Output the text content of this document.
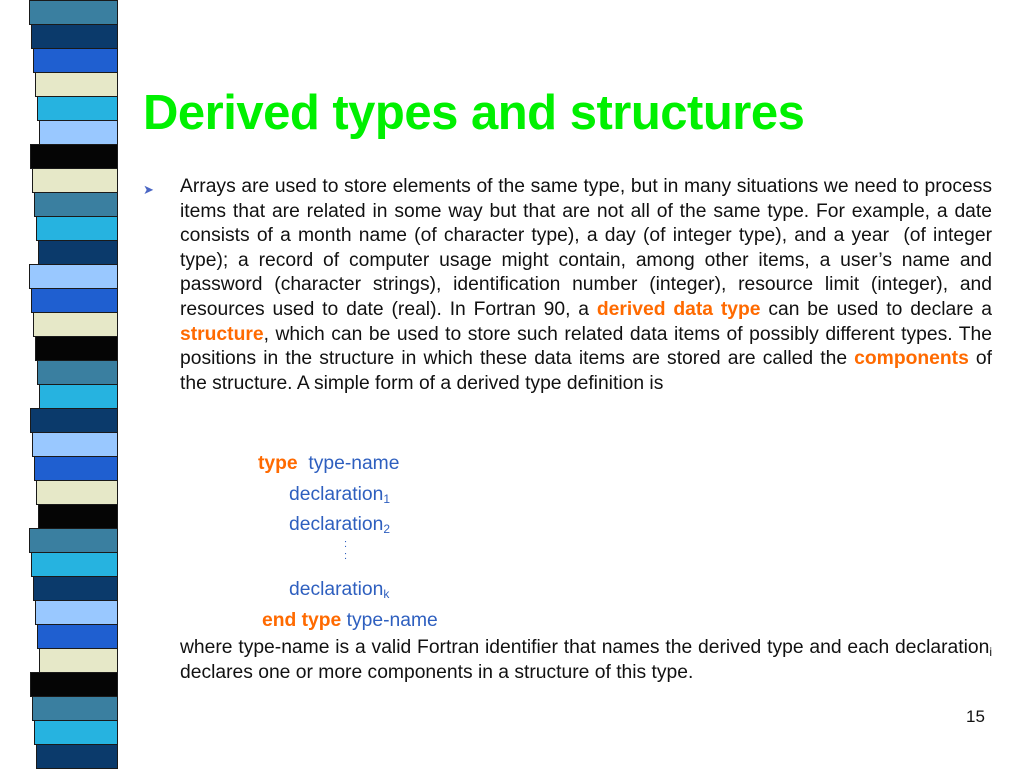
Derived types and structures
➤ Arrays are used to store elements of the same type, but in many situations we need to process items that are related in some way but that are not all of the same type. For example, a date consists of a month name (of character type), a day (of integer type), and a year  (of integer type); a record of computer usage might contain, among other items, a user’s name and password (character strings), identification number (integer), resource limit (integer), and resources used to date (real). In Fortran 90, a derived data type can be used to declare a structure, which can be used to store such related data items of possibly different types. The positions in the structure in which these data items are stored are called the components of the structure. A simple form of a derived type definition is

type type-name
declaration$_1$
declaration$_2$
:
:
declaration$_k$
end type type-name

where type-name is a valid Fortran identifier that names the derived type and each declaration$_i$ declares one or more components in a structure of this type.

15
